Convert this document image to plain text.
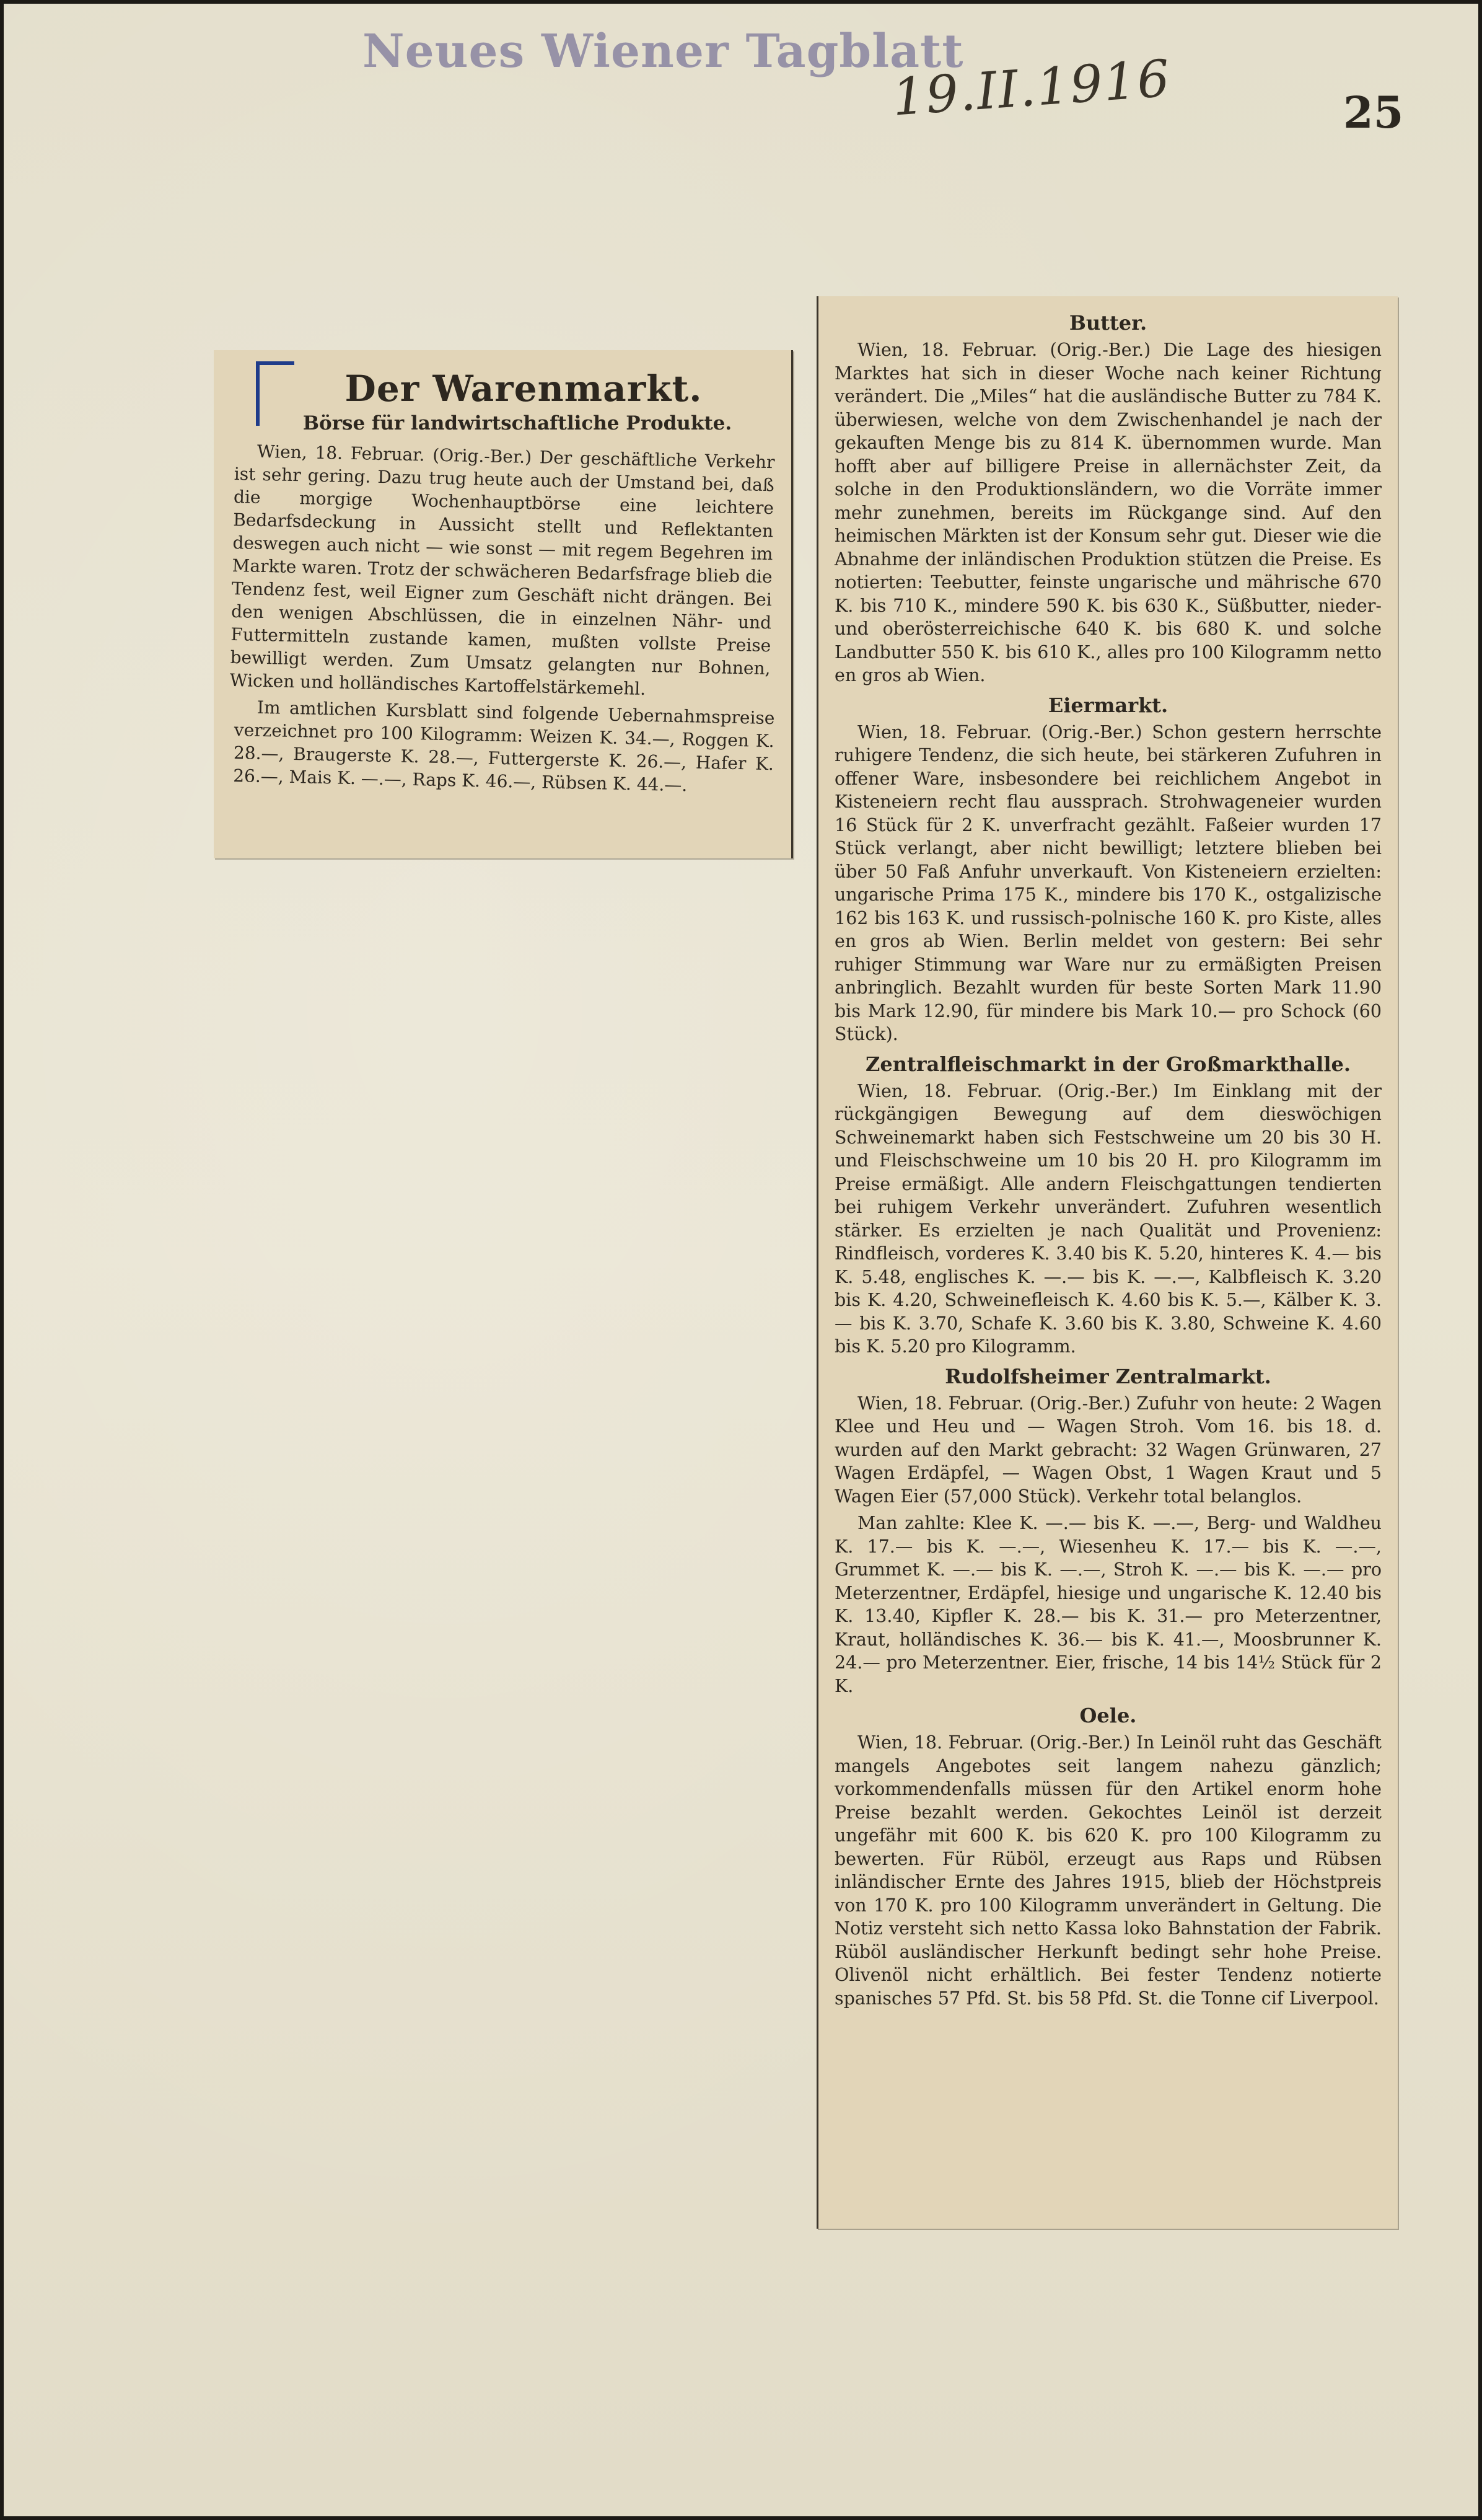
Neues Wiener Tagblatt
19.II.1916	25
Der Warenmarkt.
Börse für landwirtschaftliche Produkte.

Wien, 18. Februar. (Orig.-Ber.) Der geschäftliche Verkehr ist sehr gering. Dazu trug heute auch der Umstand bei, daß die morgige Wochenhauptbörse eine leichtere Bedarfsdeckung in Aussicht stellt und Reflektanten deswegen auch nicht — wie sonst — mit regem Begehren im Markte waren. Trotz der schwächeren Bedarfsfrage blieb die Tendenz fest, weil Eigner zum Geschäft nicht drängen. Bei den wenigen Abschlüssen, die in einzelnen Nähr- und Futtermitteln zustande kamen, mußten vollste Preise bewilligt werden. Zum Umsatz gelangten nur Bohnen, Wicken und holländisches Kartoffelstärkemehl.

Im amtlichen Kursblatt sind folgende Uebernahmspreise verzeichnet pro 100 Kilogramm: Weizen K. 34.—, Roggen K. 28.—, Braugerste K. 28.—, Futtergerste K. 26.—, Hafer K. 26.—, Mais K. —.—, Raps K. 46.—, Rübsen K. 44.—.

Butter.

Wien, 18. Februar. (Orig.-Ber.) Die Lage des hiesigen Marktes hat sich in dieser Woche nach keiner Richtung verändert. Die „Miles“ hat die ausländische Butter zu 784 K. überwiesen, welche von dem Zwischenhandel je nach der gekauften Menge bis zu 814 K. übernommen wurde. Man hofft aber auf billigere Preise in allernächster Zeit, da solche in den Produktionsländern, wo die Vorräte immer mehr zunehmen, bereits im Rückgange sind. Auf den heimischen Märkten ist der Konsum sehr gut. Dieser wie die Abnahme der inländischen Produktion stützen die Preise. Es notierten: Teebutter, feinste ungarische und mährische 670 K. bis 710 K., mindere 590 K. bis 630 K., Süßbutter, nieder- und oberösterreichische 640 K. bis 680 K. und solche Landbutter 550 K. bis 610 K., alles pro 100 Kilogramm netto en gros ab Wien.

Eiermarkt.

Wien, 18. Februar. (Orig.-Ber.) Schon gestern herrschte ruhigere Tendenz, die sich heute, bei stärkeren Zufuhren in offener Ware, insbesondere bei reichlichem Angebot in Kisteneiern recht flau aussprach. Strohwageneier wurden 16 Stück für 2 K. unverfracht gezählt. Faßeier wurden 17 Stück verlangt, aber nicht bewilligt; letztere blieben bei über 50 Faß Anfuhr unverkauft. Von Kisteneiern erzielten: ungarische Prima 175 K., mindere bis 170 K., ostgalizische 162 bis 163 K. und russisch-polnische 160 K. pro Kiste, alles en gros ab Wien. Berlin meldet von gestern: Bei sehr ruhiger Stimmung war Ware nur zu ermäßigten Preisen anbringlich. Bezahlt wurden für beste Sorten Mark 11.90 bis Mark 12.90, für mindere bis Mark 10.— pro Schock (60 Stück).

Zentralfleischmarkt in der Großmarkthalle.

Wien, 18. Februar. (Orig.-Ber.) Im Einklang mit der rückgängigen Bewegung auf dem dieswöchigen Schweinemarkt haben sich Festschweine um 20 bis 30 H. und Fleischschweine um 10 bis 20 H. pro Kilogramm im Preise ermäßigt. Alle andern Fleischgattungen tendierten bei ruhigem Verkehr unverändert. Zufuhren wesentlich stärker. Es erzielten je nach Qualität und Provenienz: Rindfleisch, vorderes K. 3.40 bis K. 5.20, hinteres K. 4.— bis K. 5.48, englisches K. —.— bis K. —.—, Kalbfleisch K. 3.20 bis K. 4.20, Schweinefleisch K. 4.60 bis K. 5.—, Kälber K. 3.— bis K. 3.70, Schafe K. 3.60 bis K. 3.80, Schweine K. 4.60 bis K. 5.20 pro Kilogramm.

Rudolfsheimer Zentralmarkt.

Wien, 18. Februar. (Orig.-Ber.) Zufuhr von heute: 2 Wagen Klee und Heu und — Wagen Stroh. Vom 16. bis 18. d. wurden auf den Markt gebracht: 32 Wagen Grünwaren, 27 Wagen Erdäpfel, — Wagen Obst, 1 Wagen Kraut und 5 Wagen Eier (57,000 Stück). Verkehr total belanglos.

Man zahlte: Klee K. —.— bis K. —.—, Berg- und Waldheu K. 17.— bis K. —.—, Wiesenheu K. 17.— bis K. —.—, Grummet K. —.— bis K. —.—, Stroh K. —.— bis K. —.— pro Meterzentner, Erdäpfel, hiesige und ungarische K. 12.40 bis K. 13.40, Kipfler K. 28.— bis K. 31.— pro Meterzentner, Kraut, holländisches K. 36.— bis K. 41.—, Moosbrunner K. 24.— pro Meterzentner. Eier, frische, 14 bis 14½ Stück für 2 K.

Oele.

Wien, 18. Februar. (Orig.-Ber.) In Leinöl ruht das Geschäft mangels Angebotes seit langem nahezu gänzlich; vorkommendenfalls müssen für den Artikel enorm hohe Preise bezahlt werden. Gekochtes Leinöl ist derzeit ungefähr mit 600 K. bis 620 K. pro 100 Kilogramm zu bewerten. Für Rüböl, erzeugt aus Raps und Rübsen inländischer Ernte des Jahres 1915, blieb der Höchstpreis von 170 K. pro 100 Kilogramm unverändert in Geltung. Die Notiz versteht sich netto Kassa loko Bahnstation der Fabrik. Rüböl ausländischer Herkunft bedingt sehr hohe Preise. Olivenöl nicht erhältlich. Bei fester Tendenz notierte spanisches 57 Pfd. St. bis 58 Pfd. St. die Tonne cif Liverpool.
